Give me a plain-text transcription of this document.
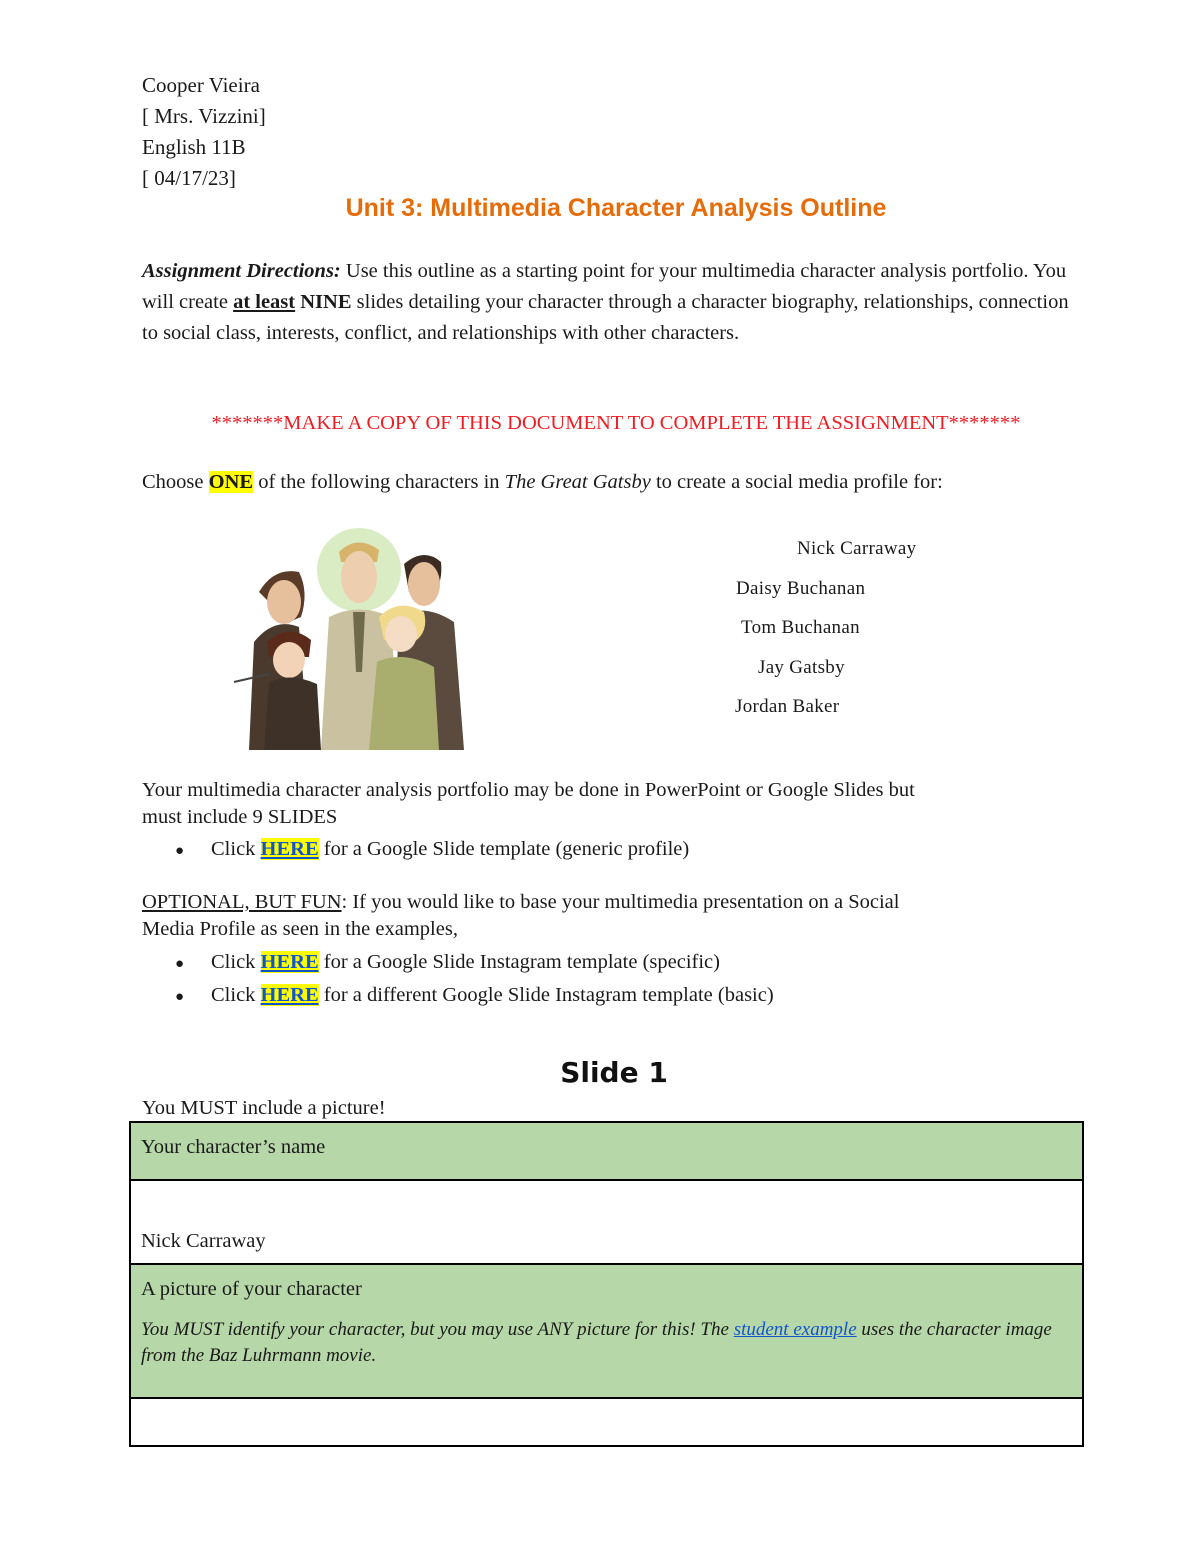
Cooper Vieira
[ Mrs. Vizzini]
English 11B
[ 04/17/23]
Unit 3: Multimedia Character Analysis Outline
Assignment Directions: Use this outline as a starting point for your multimedia character analysis portfolio. You will create at least NINE slides detailing your character through a character biography, relationships, connection to social class, interests, conflict, and relationships with other characters.
*******MAKE A COPY OF THIS DOCUMENT TO COMPLETE THE ASSIGNMENT*******
Choose ONE of the following characters in The Great Gatsby to create a social media profile for:
Nick Carraway
Daisy Buchanan
Tom Buchanan
Jay Gatsby
Jordan Baker
Your multimedia character analysis portfolio may be done in PowerPoint or Google Slides but
must include 9 SLIDES
● Click HERE for a Google Slide template (generic profile)
OPTIONAL, BUT FUN: If you would like to base your multimedia presentation on a Social
Media Profile as seen in the examples,
● Click HERE for a Google Slide Instagram template (specific)
● Click HERE for a different Google Slide Instagram template (basic)
Slide 1
You MUST include a picture!
Your character’s name
Nick Carraway

A picture of your character
You MUST identify your character, but you may use ANY picture for this! The student example uses the character image from the Baz Luhrmann movie.
